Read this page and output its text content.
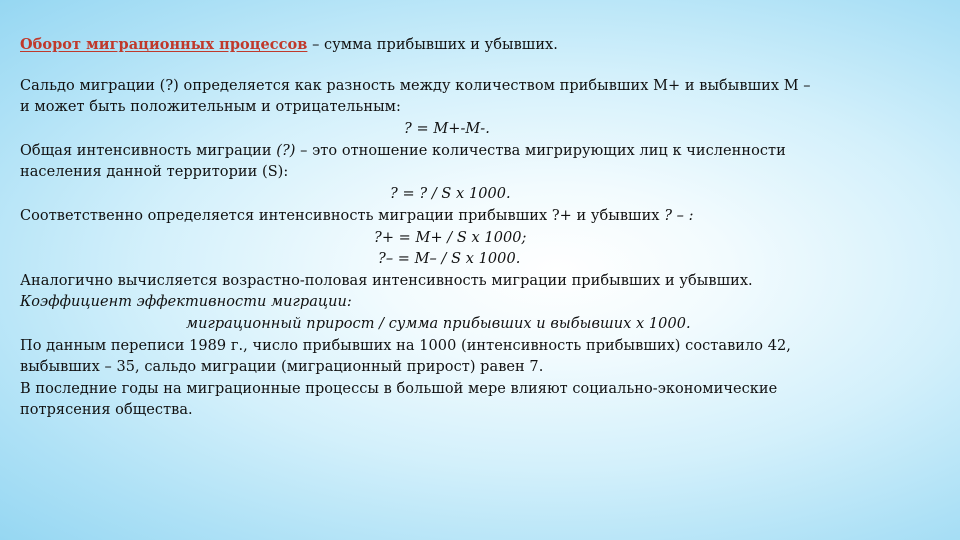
Оборот миграционных процессов – сумма прибывших и убывших.
Сальдо миграции (?) определяется как разность между количеством прибывших М+ и выбывших М –
и может быть положительным и отрицательным:
? = М+-М-.
Общая интенсивность миграции (?) – это отношение количества мигрирующих лиц к численности
населения данной территории (S):
? = ? / S x 1000.
Соответственно определяется интенсивность миграции прибывших ?+ и убывших ? – :
?+ = М+ / S x 1000;
?– = М– / S x 1000.
Аналогично вычисляется возрастно-половая интенсивность миграции прибывших и убывших.
Коэффициент эффективности миграции:
миграционный прирост / сумма прибывших и выбывших х 1000.
По данным переписи 1989 г., число прибывших на 1000 (интенсивность прибывших) составило 42,
выбывших – 35, сальдо миграции (миграционный прирост) равен 7.
В последние годы на миграционные процессы в большой мере влияют социально-экономические
потрясения общества.
